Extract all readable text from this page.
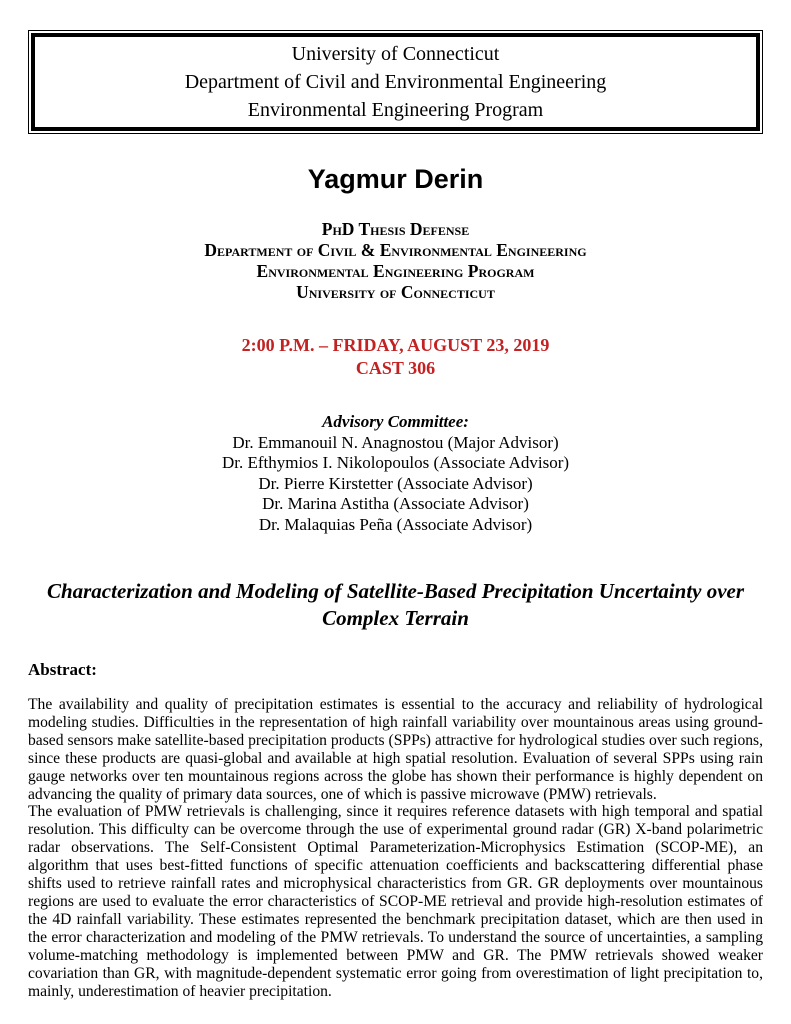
University of Connecticut
Department of Civil and Environmental Engineering
Environmental Engineering Program
Yagmur Derin
PhD Thesis Defense
Department of Civil & Environmental Engineering
Environmental Engineering Program
University of Connecticut
2:00 P.M. – FRIDAY, AUGUST 23, 2019
CAST 306
Advisory Committee:
Dr. Emmanouil N. Anagnostou (Major Advisor)
Dr. Efthymios I. Nikolopoulos (Associate Advisor)
Dr. Pierre Kirstetter (Associate Advisor)
Dr. Marina Astitha (Associate Advisor)
Dr. Malaquias Peña (Associate Advisor)
Characterization and Modeling of Satellite-Based Precipitation Uncertainty over Complex Terrain
Abstract:

The availability and quality of precipitation estimates is essential to the accuracy and reliability of hydrological modeling studies. Difficulties in the representation of high rainfall variability over mountainous areas using ground-based sensors make satellite-based precipitation products (SPPs) attractive for hydrological studies over such regions, since these products are quasi-global and available at high spatial resolution. Evaluation of several SPPs using rain gauge networks over ten mountainous regions across the globe has shown their performance is highly dependent on advancing the quality of primary data sources, one of which is passive microwave (PMW) retrievals.

The evaluation of PMW retrievals is challenging, since it requires reference datasets with high temporal and spatial resolution. This difficulty can be overcome through the use of experimental ground radar (GR) X-band polarimetric radar observations. The Self-Consistent Optimal Parameterization-Microphysics Estimation (SCOP-ME), an algorithm that uses best-fitted functions of specific attenuation coefficients and backscattering differential phase shifts used to retrieve rainfall rates and microphysical characteristics from GR. GR deployments over mountainous regions are used to evaluate the error characteristics of SCOP-ME retrieval and provide high-resolution estimates of the 4D rainfall variability. These estimates represented the benchmark precipitation dataset, which are then used in the error characterization and modeling of the PMW retrievals. To understand the source of uncertainties, a sampling volume-matching methodology is implemented between PMW and GR. The PMW retrievals showed weaker covariation than GR, with magnitude-dependent systematic error going from overestimation of light precipitation to, mainly, underestimation of heavier precipitation.
